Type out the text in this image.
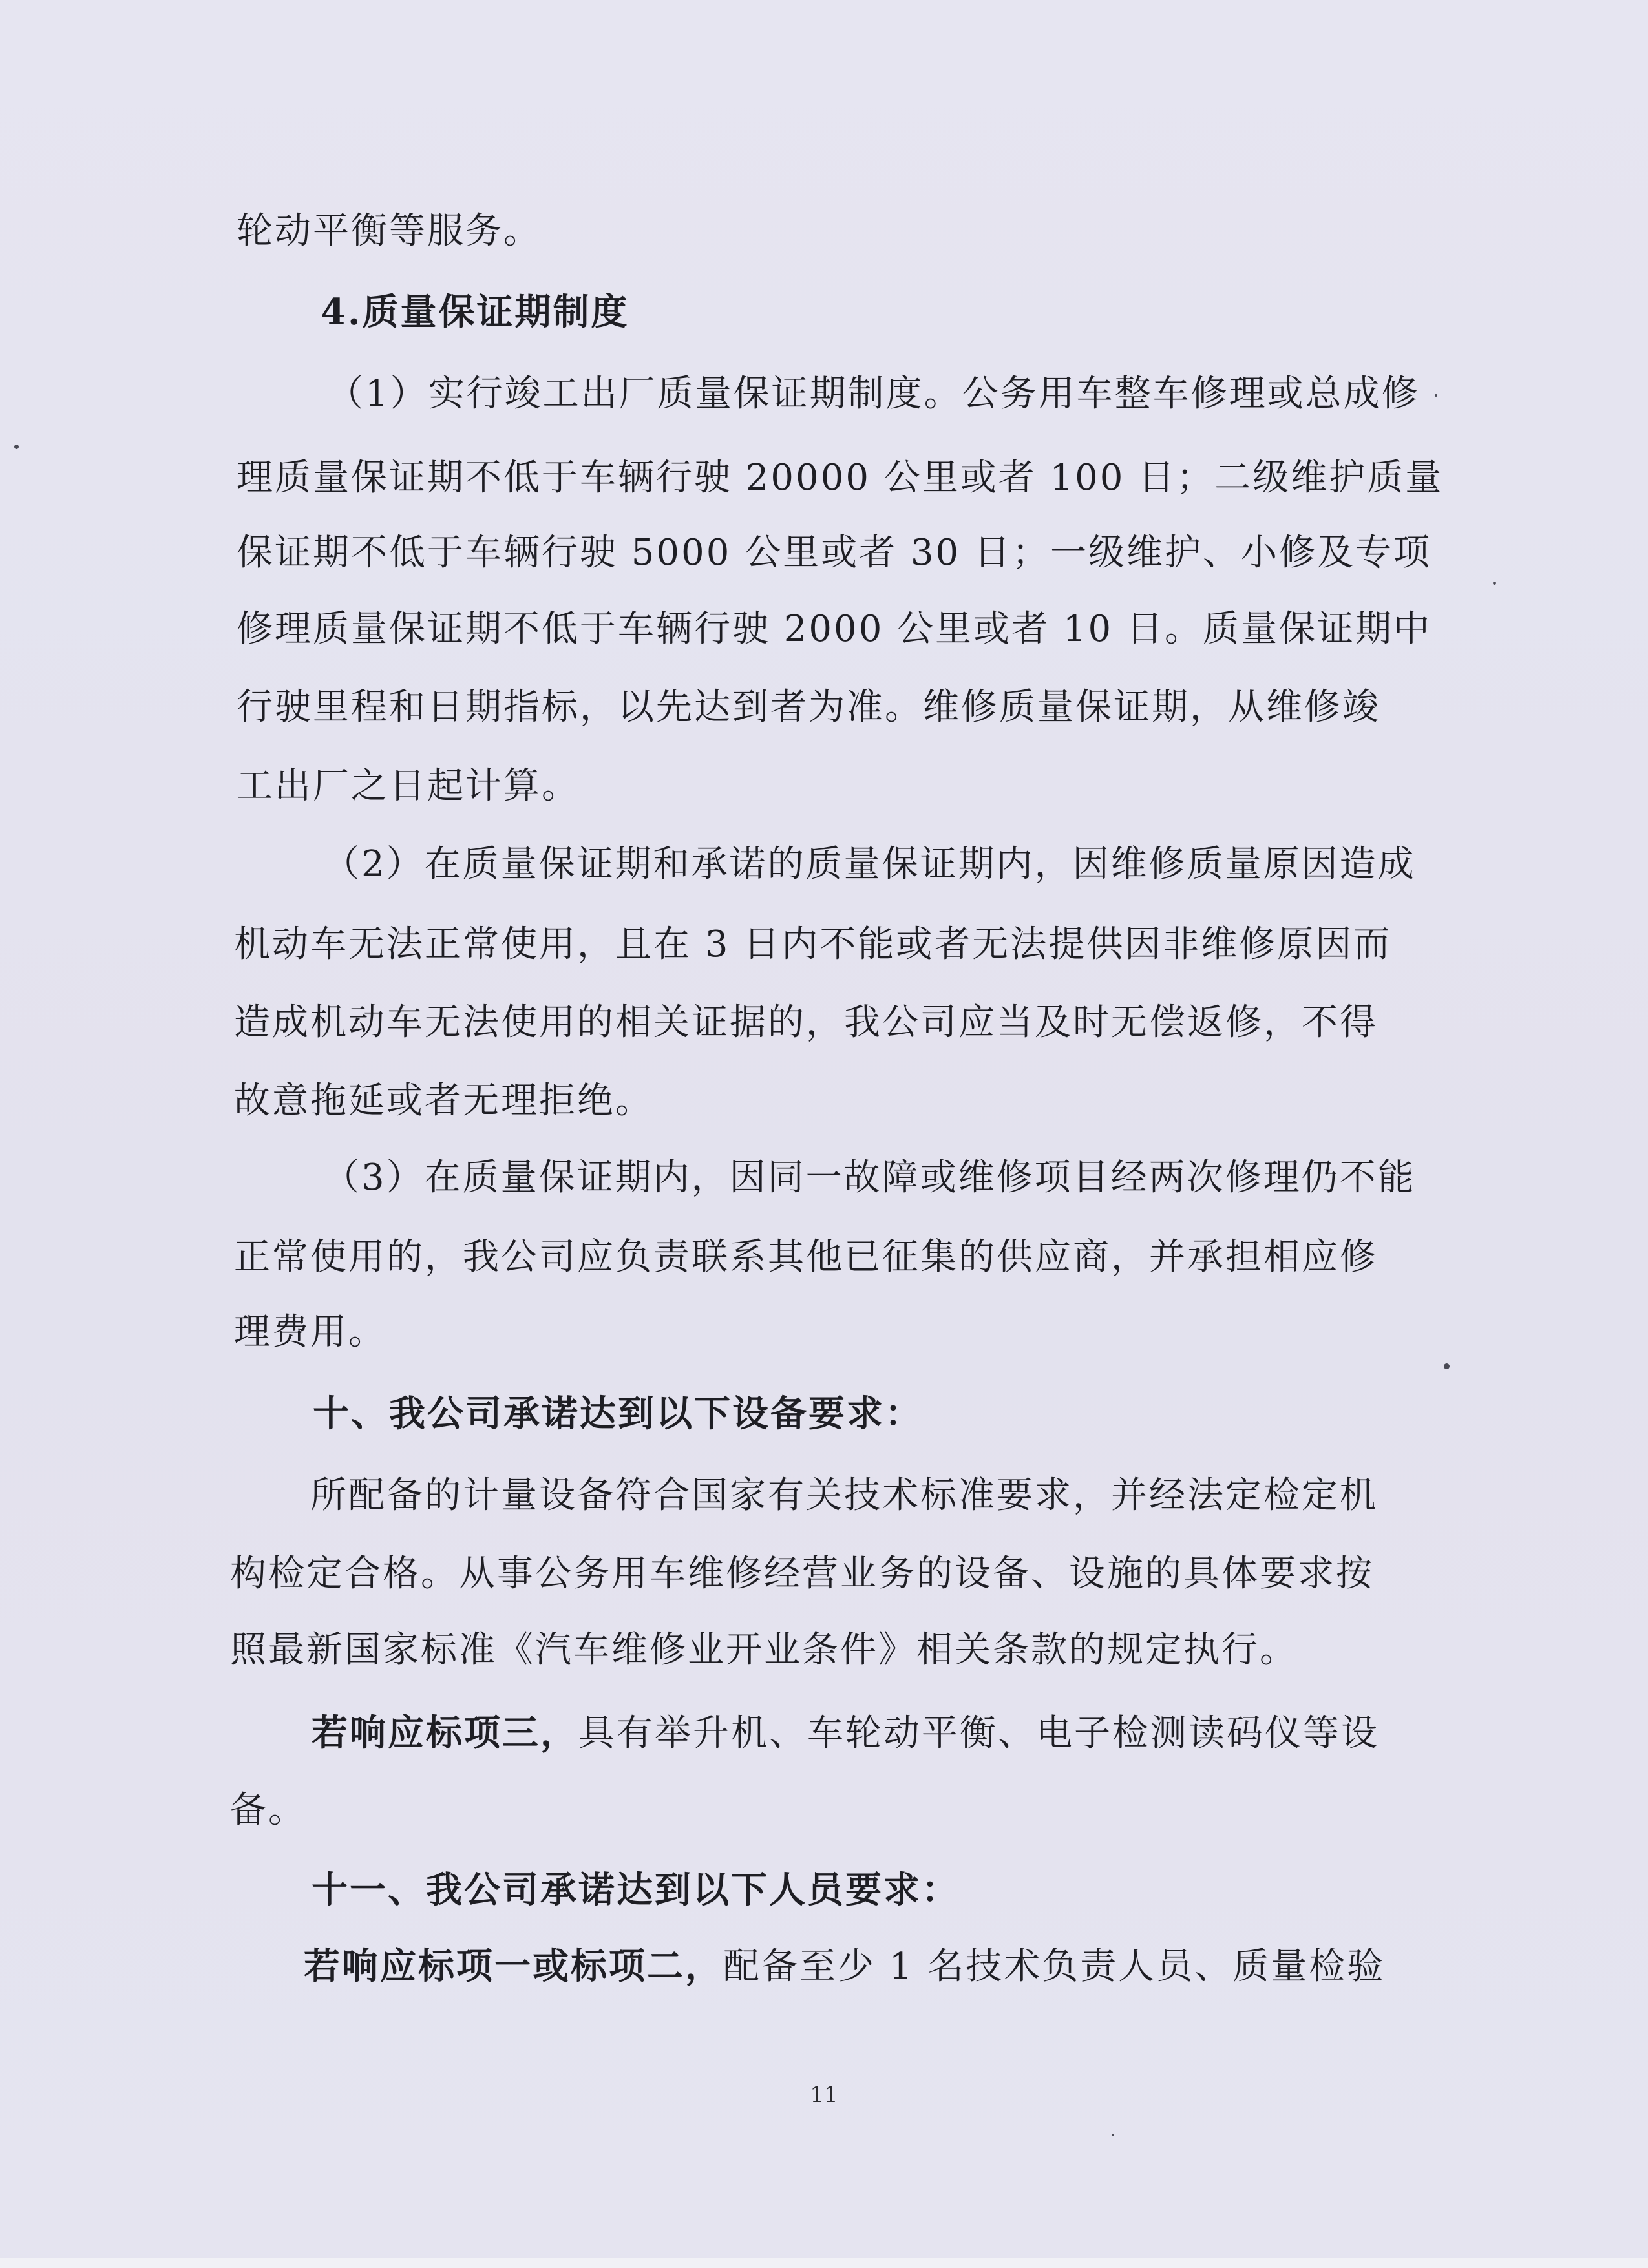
轮动平衡等服务。
4.质量保证期制度
（1）实行竣工出厂质量保证期制度。公务用车整车修理或总成修
理质量保证期不低于车辆行驶 20000 公里或者 100 日；二级维护质量
保证期不低于车辆行驶 5000 公里或者 30 日；一级维护、小修及专项
修理质量保证期不低于车辆行驶 2000 公里或者 10 日。质量保证期中
行驶里程和日期指标，以先达到者为准。维修质量保证期，从维修竣
工出厂之日起计算。
（2）在质量保证期和承诺的质量保证期内，因维修质量原因造成
机动车无法正常使用，且在 3 日内不能或者无法提供因非维修原因而
造成机动车无法使用的相关证据的，我公司应当及时无偿返修，不得
故意拖延或者无理拒绝。
（3）在质量保证期内，因同一故障或维修项目经两次修理仍不能
正常使用的，我公司应负责联系其他已征集的供应商，并承担相应修
理费用。
十、我公司承诺达到以下设备要求：
所配备的计量设备符合国家有关技术标准要求，并经法定检定机
构检定合格。从事公务用车维修经营业务的设备、设施的具体要求按
照最新国家标准《汽车维修业开业条件》相关条款的规定执行。
若响应标项三，具有举升机、车轮动平衡、电子检测读码仪等设
备。
十一、我公司承诺达到以下人员要求：
若响应标项一或标项二，配备至少 1 名技术负责人员、质量检验
11
